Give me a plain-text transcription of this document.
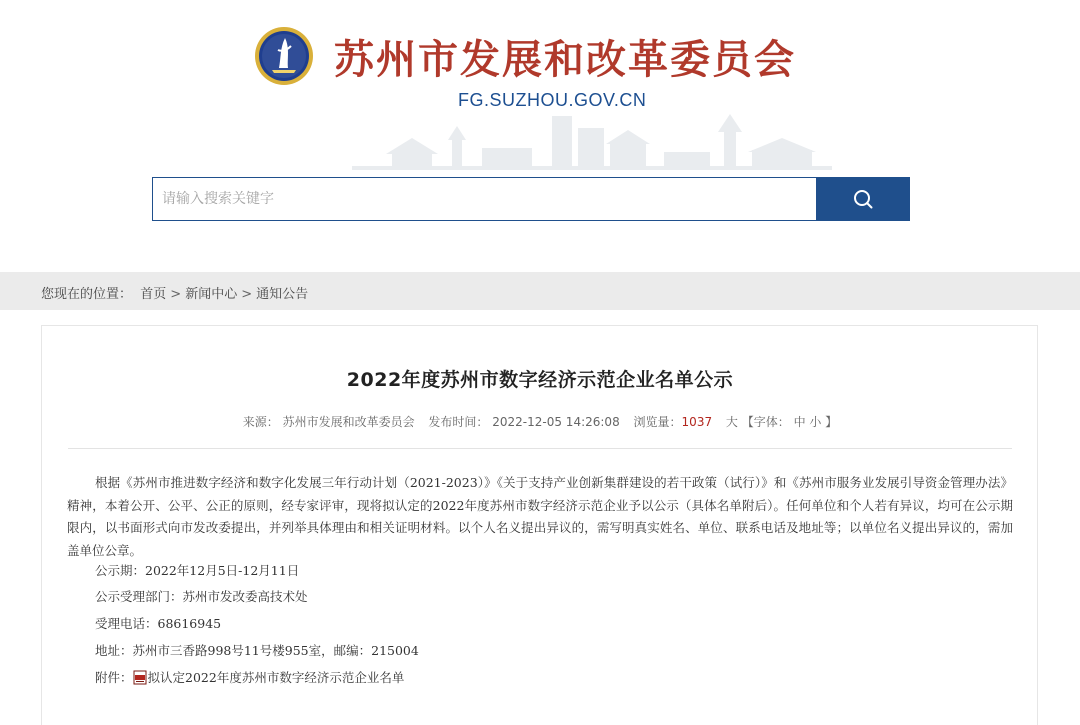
苏州市发展和改革委员会
FG.SUZHOU.GOV.CN
请输入搜索关键字
您现在的位置： 首页 > 新闻中心 > 通知公告
2022年度苏州市数字经济示范企业名单公示
来源： 苏州市发展和改革委员会 发布时间： 2022-12-05 14:26:08 浏览量：1037 大 【字体： 中 小 】
根据《苏州市推进数字经济和数字化发展三年行动计划（2021-2023）》《关于支持产业创新集群建设的若干政策（试行）》和《苏州市服务业发展引导资金管理办法》精神，本着公开、公平、公正的原则，经专家评审，现将拟认定的2022年度苏州市数字经济示范企业予以公示（具体名单附后）。任何单位和个人若有异议，均可在公示期限内，以书面形式向市发改委提出，并列举具体理由和相关证明材料。以个人名义提出异议的，需写明真实姓名、单位、联系电话及地址等；以单位名义提出异议的，需加盖单位公章。
公示期：2022年12月5日-12月11日
公示受理部门：苏州市发改委高技术处
受理电话：68616945
地址：苏州市三香路998号11号楼955室，邮编：215004
附件： 拟认定2022年度苏州市数字经济示范企业名单
